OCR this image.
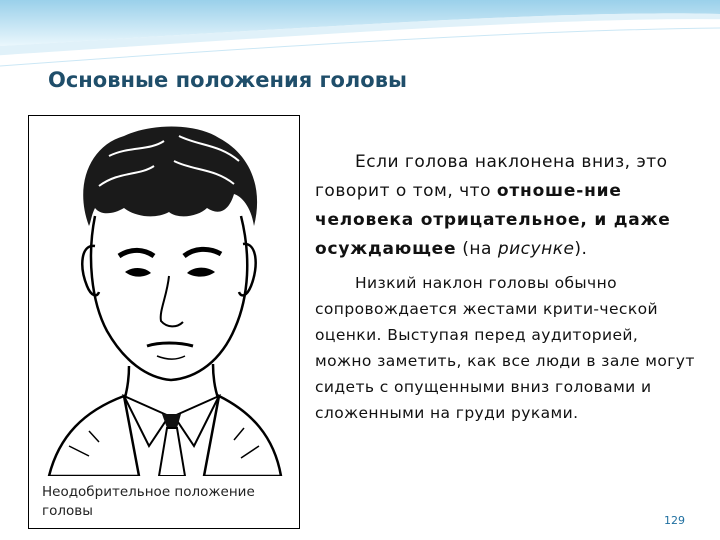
Основные положения головы
Неодобрительное положение
головы

Если голова наклонена вниз, это говорит о том, что отноше-ние человека отрицательное, и даже осуждающее (на рисунке).

Низкий наклон головы обычно сопровождается жестами крити-ческой оценки. Выступая перед аудиторией, можно заметить, как все люди в зале могут сидеть с опущенными вниз головами и сложенными на груди руками.

129
